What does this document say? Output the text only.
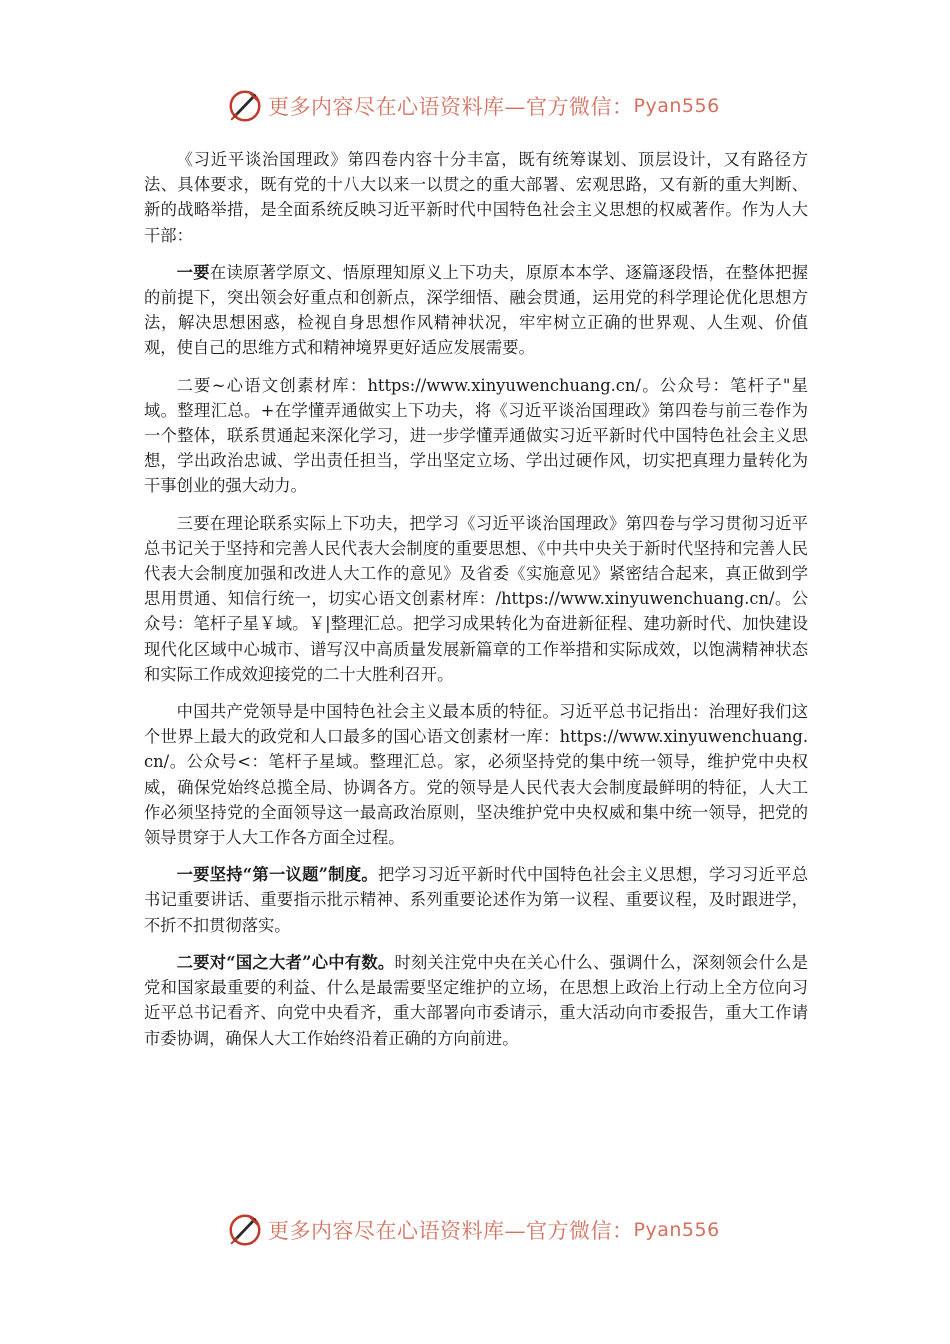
更多内容尽在心语资料库—官方微信： Pyan556

《习近平谈治国理政》第四卷内容十分丰富，既有统筹谋划、顶层设计，又有路径方法、具体要求，既有党的十八大以来一以贯之的重大部署、宏观思路，又有新的重大判断、新的战略举措，是全面系统反映习近平新时代中国特色社会主义思想的权威著作。作为人大干部：

一要在读原著学原文、悟原理知原义上下功夫，原原本本学、逐篇逐段悟，在整体把握的前提下，突出领会好重点和创新点，深学细悟、融会贯通，运用党的科学理论优化思想方法，解决思想困惑，检视自身思想作风精神状况，牢牢树立正确的世界观、人生观、价值观，使自己的思维方式和精神境界更好适应发展需要。

二要~心语文创素材库：https://www.xinyuwenchuang.cn/。公众号：笔杆子"星域。整理汇总。+在学懂弄通做实上下功夫，将《习近平谈治国理政》第四卷与前三卷作为一个整体，联系贯通起来深化学习，进一步学懂弄通做实习近平新时代中国特色社会主义思想，学出政治忠诚、学出责任担当，学出坚定立场、学出过硬作风，切实把真理力量转化为干事创业的强大动力。

三要在理论联系实际上下功夫，把学习《习近平谈治国理政》第四卷与学习贯彻习近平总书记关于坚持和完善人民代表大会制度的重要思想、《中共中央关于新时代坚持和完善人民代表大会制度加强和改进人大工作的意见》及省委《实施意见》紧密结合起来，真正做到学思用贯通、知信行统一，切实心语文创素材库：/https://www.xinyuwenchuang.cn/。公众号：笔杆子星￥域。￥|整理汇总。把学习成果转化为奋进新征程、建功新时代、加快建设现代化区域中心城市、谱写汉中高质量发展新篇章的工作举措和实际成效，以饱满精神状态和实际工作成效迎接党的二十大胜利召开。

中国共产党领导是中国特色社会主义最本质的特征。习近平总书记指出：治理好我们这个世界上最大的政党和人口最多的国心语文创素材一库：https://www.xinyuwenchuang.cn/。公众号<：笔杆子星域。整理汇总。家，必须坚持党的集中统一领导，维护党中央权威，确保党始终总揽全局、协调各方。党的领导是人民代表大会制度最鲜明的特征，人大工作必须坚持党的全面领导这一最高政治原则，坚决维护党中央权威和集中统一领导，把党的领导贯穿于人大工作各方面全过程。

一要坚持“第一议题”制度。把学习习近平新时代中国特色社会主义思想，学习习近平总书记重要讲话、重要指示批示精神、系列重要论述作为第一议程、重要议程，及时跟进学，不折不扣贯彻落实。

二要对“国之大者”心中有数。时刻关注党中央在关心什么、强调什么，深刻领会什么是党和国家最重要的利益、什么是最需要坚定维护的立场，在思想上政治上行动上全方位向习近平总书记看齐、向党中央看齐，重大部署向市委请示，重大活动向市委报告，重大工作请市委协调，确保人大工作始终沿着正确的方向前进。

更多内容尽在心语资料库—官方微信： Pyan556
